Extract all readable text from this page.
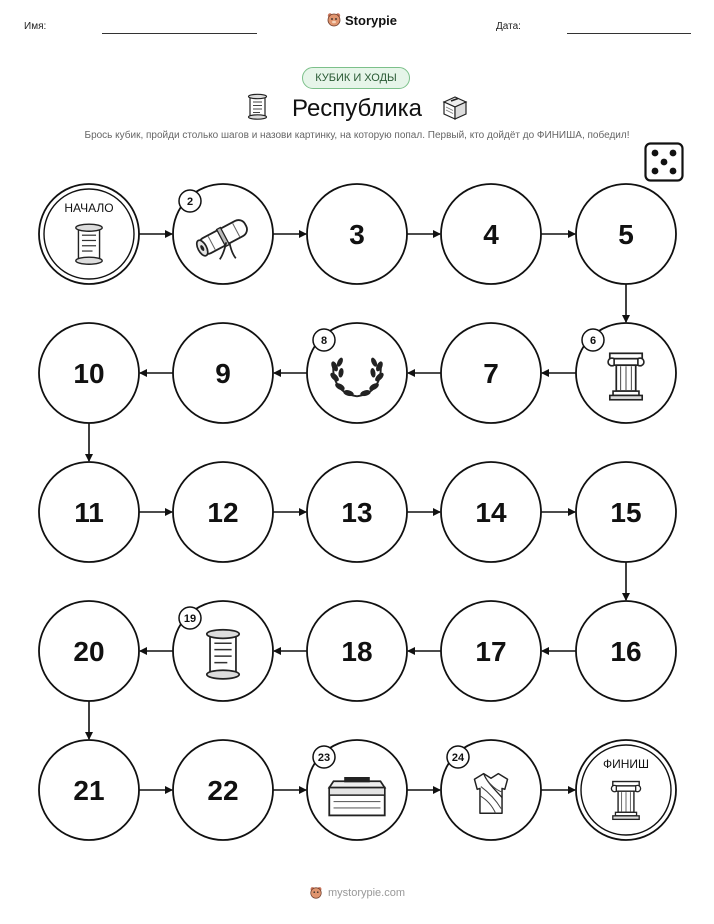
Имя:	Storypie	Дата:
КУБИК И ХОДЫ
Республика
Брось кубик, пройди столько шагов и назови картинку, на которую попал. Первый, кто дойдёт до ФИНИША, победил!
НАЧАЛО	2
3	4	5
6
7
8
9
10
11	12	13	14	15
16
17
18
19
20
21	22
23	24	ФИНИШ
mystorypie.com
